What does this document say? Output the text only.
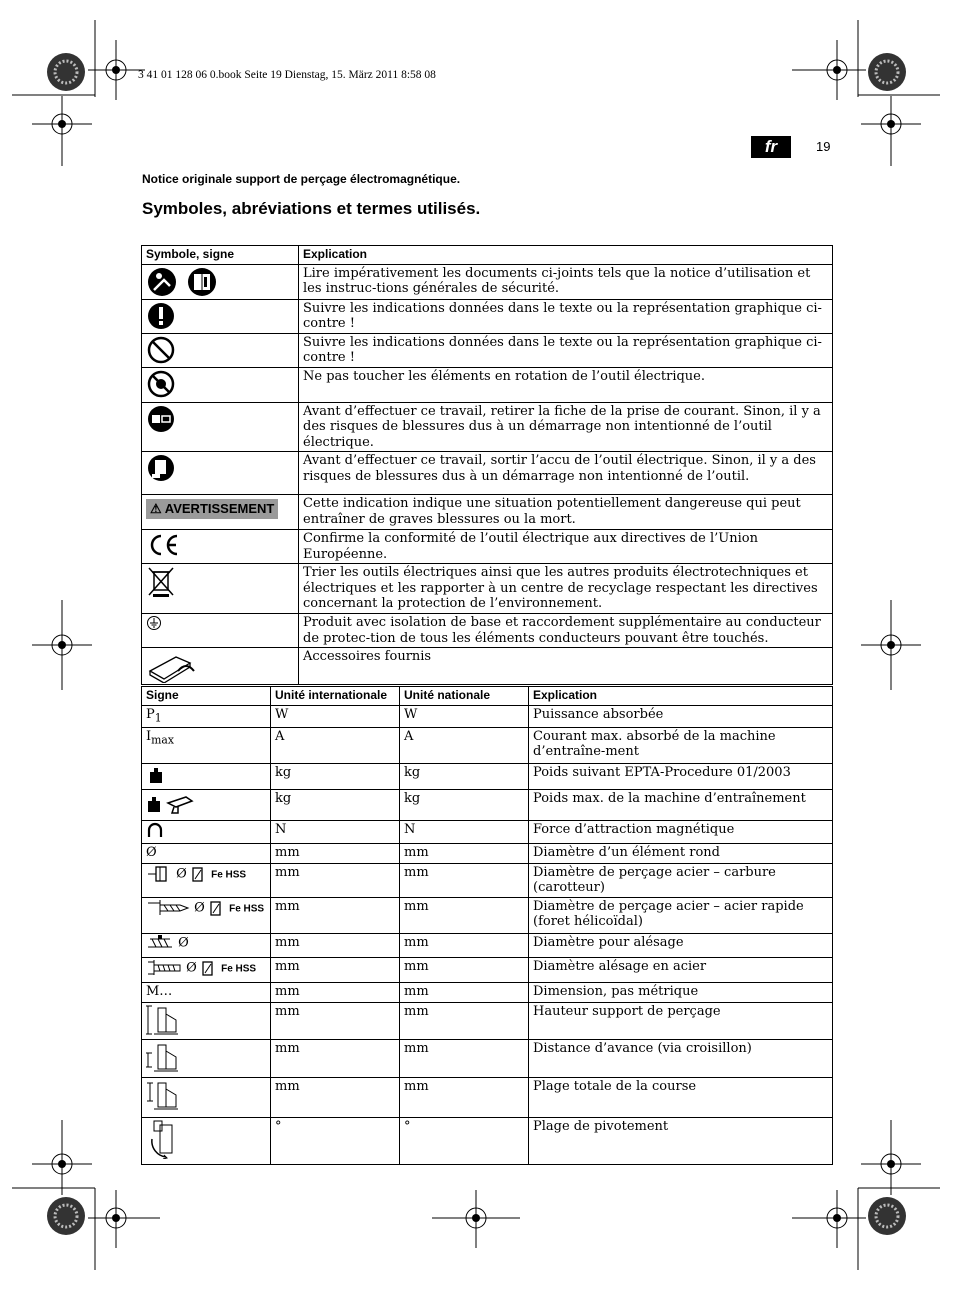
3 41 01 128 06 0.book Seite 19 Dienstag, 15. März 2011 8:58 08
fr	19
Notice originale support de perçage électromagnétique.
Symboles, abréviations et termes utilisés.
Symbole, signe	Explication
	Lire impérativement les documents ci-joints tels que la notice d’utilisation et les instruc-tions générales de sécurité.
	Suivre les indications données dans le texte ou la représentation graphique ci-contre !
	Suivre les indications données dans le texte ou la représentation graphique ci-contre !
	Ne pas toucher les éléments en rotation de l’outil électrique.
	Avant d’effectuer ce travail, retirer la fiche de la prise de courant. Sinon, il y a des risques de blessures dus à un démarrage non intentionné de l’outil électrique.
	Avant d’effectuer ce travail, sortir l’accu de l’outil électrique. Sinon, il y a des risques de blessures dus à un démarrage non intentionné de l’outil.
⚠ AVERTISSEMENT	Cette indication indique une situation potentiellement dangereuse qui peut entraîner de graves blessures ou la mort.
	Confirme la conformité de l’outil électrique aux directives de l’Union Européenne.
	Trier les outils électriques ainsi que les autres produits électrotechniques et électriques et les rapporter à un centre de recyclage respectant les directives concernant la protection de l’environnement.
	Produit avec isolation de base et raccordement supplémentaire au conducteur de protec-tion de tous les éléments conducteurs pouvant être touchés.
	Accessoires fournis
Signe	Unité internationale	Unité nationale	Explication
$P_1$	W	W	Puissance absorbée
$I_{max}$	A	A	Courant max. absorbé de la machine d’entraîne-ment
	kg	kg	Poids suivant EPTA-Procedure 01/2003
	kg	kg	Poids max. de la machine d’entraînement
	N	N	Force d’attraction magnétique
Ø	mm	mm	Diamètre d’un élément rond
Ø Fe HSS	mm	mm	Diamètre de perçage acier – carbure (carotteur)
Ø Fe HSS	mm	mm	Diamètre de perçage acier – acier rapide (foret hélicoïdal)
Ø	mm	mm	Diamètre pour alésage
Ø Fe HSS	mm	mm	Diamètre alésage en acier
M…	mm	mm	Dimension, pas métrique
	mm	mm	Hauteur support de perçage
	mm	mm	Distance d’avance (via croisillon)
	mm	mm	Plage totale de la course
	°	°	Plage de pivotement
